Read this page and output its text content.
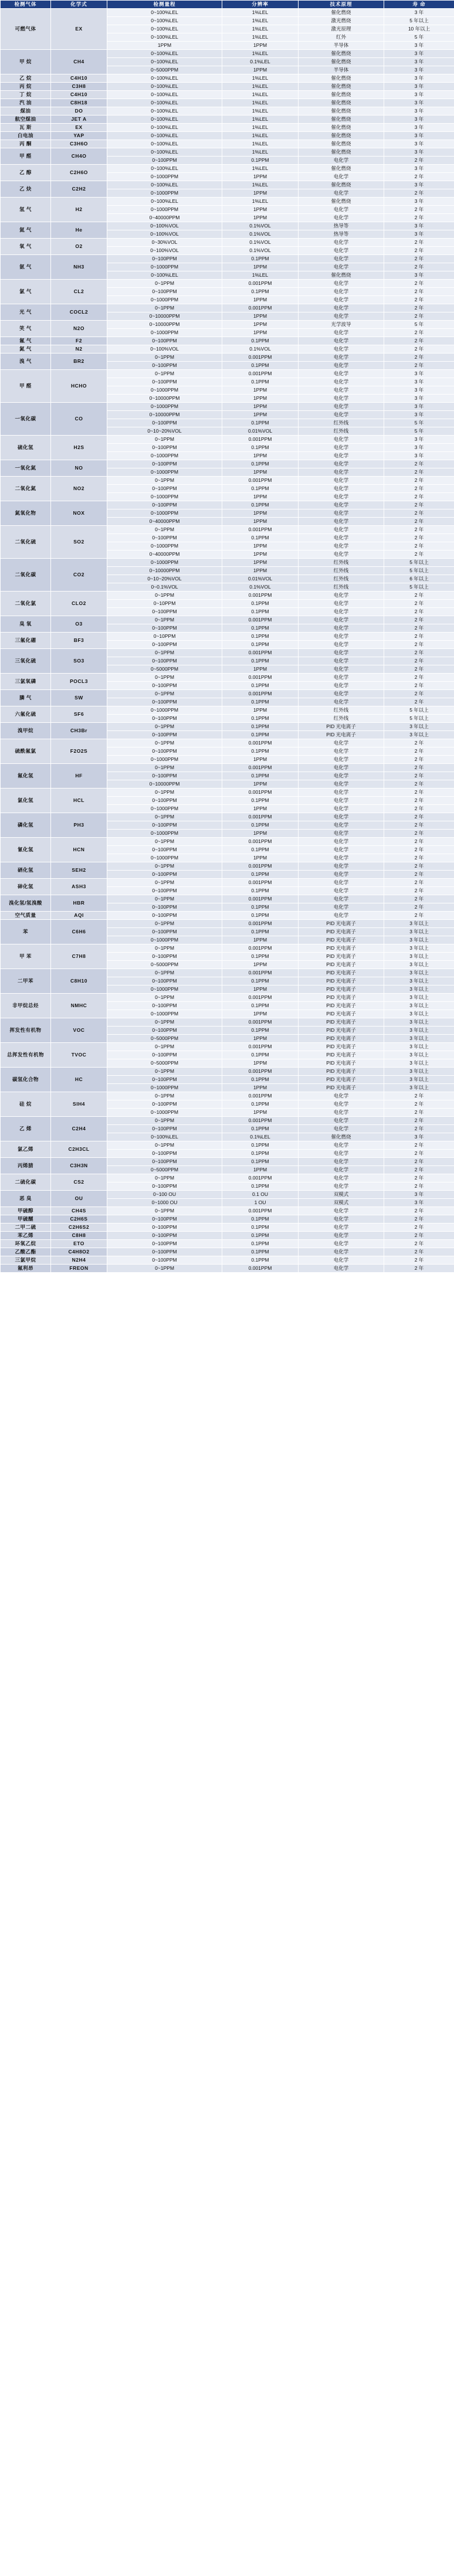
检测气体	化学式	检测量程	分辨率	技术原理	寿 命
可燃气体	EX	0~100%LEL	1%LEL	催化燃烧	3 年
		0~100%LEL	1%LEL	激光燃烧	5 年以上
		0~100%LEL	1%LEL	激光原理	10 年以上
		0~100%LEL	1%LEL	红外	5 年
		1PPM	1PPM	半导体	3 年
甲 烷	CH4	0~100%LEL	1%LEL	催化燃烧	3 年
		0~100%LEL	0.1%LEL	催化燃烧	3 年
		0~5000PPM	1PPM	半导体	3 年
乙 烷	C4H10	0~100%LEL	1%LEL	催化燃烧	3 年
丙 烷	C3H8	0~100%LEL	1%LEL	催化燃烧	3 年
丁 烷	C4H10	0~100%LEL	1%LEL	催化燃烧	3 年
汽 油	C8H18	0~100%LEL	1%LEL	催化燃烧	3 年
煤油	DO	0~100%LEL	1%LEL	催化燃烧	3 年
航空煤油	JET A	0~100%LEL	1%LEL	催化燃烧	3 年
瓦 斯	EX	0~100%LEL	1%LEL	催化燃烧	3 年
白电油	YAP	0~100%LEL	1%LEL	催化燃烧	3 年
丙 酮	C3H6O	0~100%LEL	1%LEL	催化燃烧	3 年
甲 醛	CH4O	0~100%LEL	1%LEL	催化燃烧	3 年
		0~100PPM	0.1PPM	电化学	2 年
乙 醇	C2H6O	0~100%LEL	1%LEL	催化燃烧	3 年
		0~1000PPM	1PPM	电化学	2 年
乙 炔	C2H2	0~100%LEL	1%LEL	催化燃烧	3 年
		0~1000PPM	1PPM	电化学	2 年
氢 气	H2	0~100%LEL	1%LEL	催化燃烧	3 年
		0~1000PPM	1PPM	电化学	2 年
		0~40000PPM	1PPM	电化学	2 年
氦 气	He	0~100%VOL	0.1%VOL	热导等	3 年
		0~100%VOL	0.1%VOL	热导等	3 年
氧 气	O2	0~30%VOL	0.1%VOL	电化学	2 年
		0~100%VOL	0.1%VOL	电化学	2 年
氨 气	NH3	0~100PPM	0.1PPM	电化学	2 年
		0~1000PPM	1PPM	电化学	2 年
		0~100%LEL	1%LEL	催化燃烧	3 年
氯 气	CL2	0~1PPM	0.001PPM	电化学	2 年
		0~100PPM	0.1PPM	电化学	2 年
		0~1000PPM	1PPM	电化学	2 年
光 气	COCL2	0~1PPM	0.001PPM	电化学	2 年
		0~10000PPM	1PPM	电化学	2 年
笑 气	N2O	0~10000PPM	1PPM	光学波导	5 年
		0~1000PPM	1PPM	电化学	2 年
氟 气	F2	0~100PPM	0.1PPM	电化学	2 年
氮 气	N2	0~100%VOL	0.1%VOL	电化学	2 年
溴 气	BR2	0~1PPM	0.001PPM	电化学	2 年
		0~100PPM	0.1PPM	电化学	2 年
甲 醛	HCHO	0~1PPM	0.001PPM	电化学	3 年
		0~100PPM	0.1PPM	电化学	3 年
		0~1000PPM	1PPM	电化学	3 年
		0~10000PPM	1PPM	电化学	3 年
一氧化碳	CO	0~1000PPM	1PPM	电化学	3 年
		0~10000PPM	1PPM	电化学	3 年
		0~100PPM	0.1PPM	红外线	5 年
		0~10~20%VOL	0.01%VOL	红外线	5 年
硫化氢	H2S	0~1PPM	0.001PPM	电化学	3 年
		0~100PPM	0.1PPM	电化学	3 年
		0~1000PPM	1PPM	电化学	3 年
一氧化氮	NO	0~100PPM	0.1PPM	电化学	2 年
		0~1000PPM	1PPM	电化学	2 年
二氧化氮	NO2	0~1PPM	0.001PPM	电化学	2 年
		0~100PPM	0.1PPM	电化学	2 年
		0~1000PPM	1PPM	电化学	2 年
氮氧化物	NOX	0~100PPM	0.1PPM	电化学	2 年
		0~1000PPM	1PPM	电化学	2 年
		0~40000PPM	1PPM	电化学	2 年
二氧化硫	SO2	0~1PPM	0.001PPM	电化学	2 年
		0~100PPM	0.1PPM	电化学	2 年
		0~1000PPM	1PPM	电化学	2 年
		0~40000PPM	1PPM	电化学	2 年
二氧化碳	CO2	0~1000PPM	1PPM	红外线	5 年以上
		0~10000PPM	1PPM	红外线	5 年以上
		0~10~20%VOL	0.01%VOL	红外线	6 年以上
		0~0.1%VOL	0.1%VOL	红外线	5 年以上
二氧化氯	CLO2	0~1PPM	0.001PPM	电化学	2 年
		0~10PPM	0.1PPM	电化学	2 年
		0~100PPM	0.1PPM	电化学	2 年
臭 氧	O3	0~1PPM	0.001PPM	电化学	2 年
		0~100PPM	0.1PPM	电化学	2 年
三氟化硼	BF3	0~10PPM	0.1PPM	电化学	2 年
		0~100PPM	0.1PPM	电化学	2 年
三氧化硫	SO3	0~1PPM	0.001PPM	电化学	2 年
		0~100PPM	0.1PPM	电化学	2 年
		0~5000PPM	1PPM	电化学	2 年
三氯氧磷	POCL3	0~1PPM	0.001PPM	电化学	2 年
		0~100PPM	0.1PPM	电化学	2 年
膦 气	SW	0~1PPM	0.001PPM	电化学	2 年
		0~100PPM	0.1PPM	电化学	2 年
六氟化硫	SF6	0~1000PPM	1PPM	红外线	5 年以上
		0~100PPM	0.1PPM	红外线	5 年以上
溴甲烷	CH3Br	0~1PPM	0.1PPM	PID 光电离子	3 年以上
		0~100PPM	0.1PPM	PID 光电离子	3 年以上
硫酰氟氯	F2O2S	0~1PPM	0.001PPM	电化学	2 年
		0~100PPM	0.1PPM	电化学	2 年
		0~1000PPM	1PPM	电化学	2 年
氟化氢	HF	0~1PPM	0.001PPM	电化学	2 年
		0~100PPM	0.1PPM	电化学	2 年
		0~10000PPM	1PPM	电化学	2 年
氯化氢	HCL	0~1PPM	0.001PPM	电化学	2 年
		0~100PPM	0.1PPM	电化学	2 年
		0~1000PPM	1PPM	电化学	2 年
磷化氢	PH3	0~1PPM	0.001PPM	电化学	2 年
		0~100PPM	0.1PPM	电化学	2 年
		0~1000PPM	1PPM	电化学	2 年
氰化氢	HCN	0~1PPM	0.001PPM	电化学	2 年
		0~100PPM	0.1PPM	电化学	2 年
		0~1000PPM	1PPM	电化学	2 年
硒化氢	SEH2	0~1PPM	0.001PPM	电化学	2 年
		0~100PPM	0.1PPM	电化学	2 年
砷化氢	ASH3	0~1PPM	0.001PPM	电化学	2 年
		0~100PPM	0.1PPM	电化学	2 年
溴化氢/氢溴酸	HBR	0~1PPM	0.001PPM	电化学	2 年
		0~100PPM	0.1PPM	电化学	2 年
空气质量	AQI	0~100PPM	0.1PPM	电化学	2 年
苯	C6H6	0~1PPM	0.001PPM	PID 光电离子	3 年以上
		0~100PPM	0.1PPM	PID 光电离子	3 年以上
		0~1000PPM	1PPM	PID 光电离子	3 年以上
甲 苯	C7H8	0~1PPM	0.001PPM	PID 光电离子	3 年以上
		0~100PPM	0.1PPM	PID 光电离子	3 年以上
		0~5000PPM	1PPM	PID 光电离子	3 年以上
二甲苯	C8H10	0~1PPM	0.001PPM	PID 光电离子	3 年以上
		0~100PPM	0.1PPM	PID 光电离子	3 年以上
		0~1000PPM	1PPM	PID 光电离子	3 年以上
非甲烷总烃	NMHC	0~1PPM	0.001PPM	PID 光电离子	3 年以上
		0~100PPM	0.1PPM	PID 光电离子	3 年以上
		0~1000PPM	1PPM	PID 光电离子	3 年以上
挥发性有机物	VOC	0~1PPM	0.001PPM	PID 光电离子	3 年以上
		0~100PPM	0.1PPM	PID 光电离子	3 年以上
		0~5000PPM	1PPM	PID 光电离子	3 年以上
总挥发性有机物	TVOC	0~1PPM	0.001PPM	PID 光电离子	3 年以上
		0~100PPM	0.1PPM	PID 光电离子	3 年以上
		0~5000PPM	1PPM	PID 光电离子	3 年以上
碳氢化合物	HC	0~1PPM	0.001PPM	PID 光电离子	3 年以上
		0~100PPM	0.1PPM	PID 光电离子	3 年以上
		0~1000PPM	1PPM	PID 光电离子	3 年以上
硅 烷	SIH4	0~1PPM	0.001PPM	电化学	2 年
		0~100PPM	0.1PPM	电化学	2 年
		0~1000PPM	1PPM	电化学	2 年
乙 烯	C2H4	0~1PPM	0.001PPM	电化学	2 年
		0~100PPM	0.1PPM	电化学	2 年
		0~100%LEL	0.1%LEL	催化燃烧	3 年
氯乙烯	C2H3CL	0~1PPM	0.1PPM	电化学	2 年
		0~100PPM	0.1PPM	电化学	2 年
丙烯腈	C3H3N	0~100PPM	0.1PPM	电化学	2 年
		0~5000PPM	1PPM	电化学	2 年
二硫化碳	CS2	0~1PPM	0.001PPM	电化学	2 年
		0~100PPM	0.1PPM	电化学	2 年
恶 臭	OU	0~100 OU	0.1 OU	双模式	3 年
		0~1000 OU	1 OU	双模式	3 年
甲硫醇	CH4S	0~1PPM	0.001PPM	电化学	2 年
甲硫醚	C2H6S	0~100PPM	0.1PPM	电化学	2 年
二甲二硫	C2H6S2	0~100PPM	0.1PPM	电化学	2 年
苯乙烯	C8H8	0~100PPM	0.1PPM	电化学	2 年
环氧乙烷	ETO	0~100PPM	0.1PPM	电化学	2 年
乙酸乙酯	C4H8O2	0~100PPM	0.1PPM	电化学	2 年
三氯甲烷	N2H4	0~100PPM	0.1PPM	电化学	2 年
氟利昂	FREON	0~1PPM	0.001PPM	电化学	2 年
